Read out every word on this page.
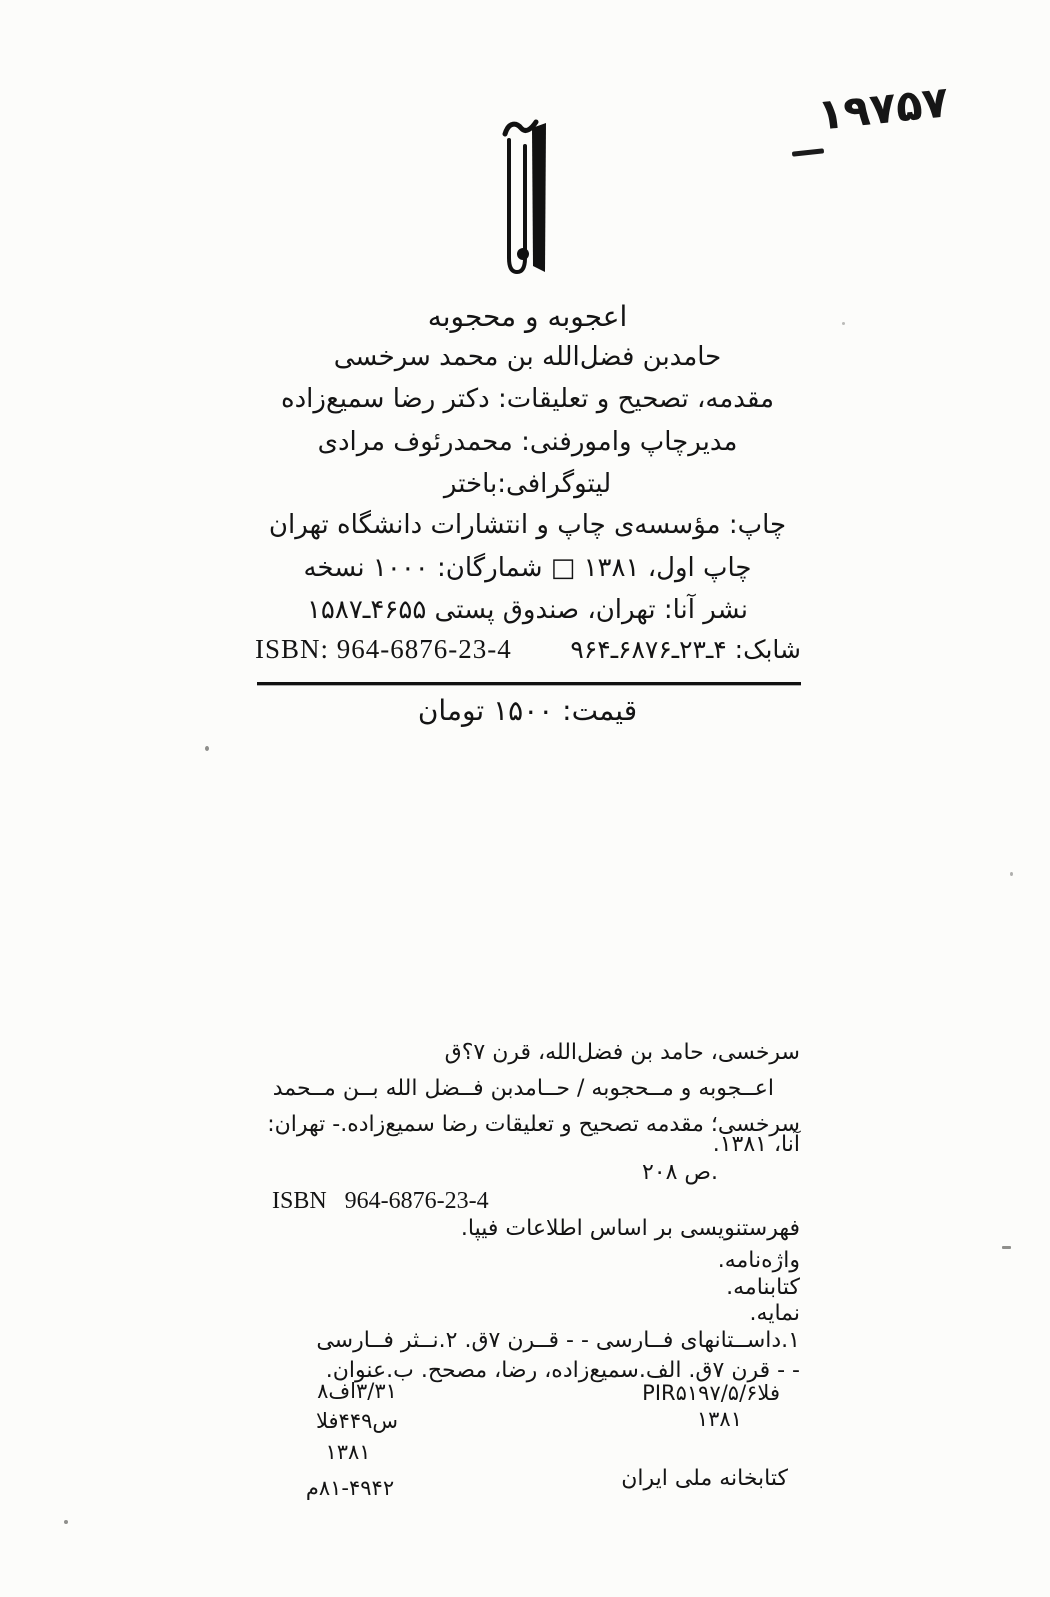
۱۹۷۵۷
اعجوبه و محجوبه
حامدبن فضل‌الله بن محمد سرخسی
مقدمه، تصحیح و تعلیقات: دکتر رضا سمیع‌زاده
مدیرچاپ وامورفنی: محمدرئوف مرادی
لیتوگرافی:باختر
چاپ: مؤسسه‌ی چاپ و انتشارات دانشگاه تهران
چاپ اول، ۱۳۸۱ □ شمارگان: ۱۰۰۰ نسخه
نشر آنا: تهران، صندوق پستی ۴۶۵۵ـ۱۵۸۷
ISBN: 964-6876-23-4 شابک: ۴ـ۲۳ـ۶۸۷۶ـ۹۶۴
قیمت: ۱۵۰۰ تومان
سرخسی، حامد بن فضل‌الله، قرن ۷؟ق
اعــجوبه و مــحجوبه / حــامدبن فــضل الله بــن مــحمد
سرخسی؛ مقدمه تصحیح و تعلیقات رضا سمیع‌زاده.- تهران:
آنا، ۱۳۸۱.
۲۰۸ ص.
ISBN   964-6876-23-4
فهرستنویسی بر اساس اطلاعات فیپا.
واژه‌نامه.
کتابنامه.
نمایه.
۱.داســتانهای فــارسی - - قــرن ۷ق. ۲.نــثر فــارسی
- - قرن ۷ق. الف.سمیع‌زاده، رضا، مصحح. ب.عنوان.
PIR۵۱۹۷/۵/۶الف
۱۳۸۱
۸فا۳/۳۱
الف۴۴۹س
۱۳۸۱
کتابخانه ملی ایران
م۸۱-۴۹۴۲
